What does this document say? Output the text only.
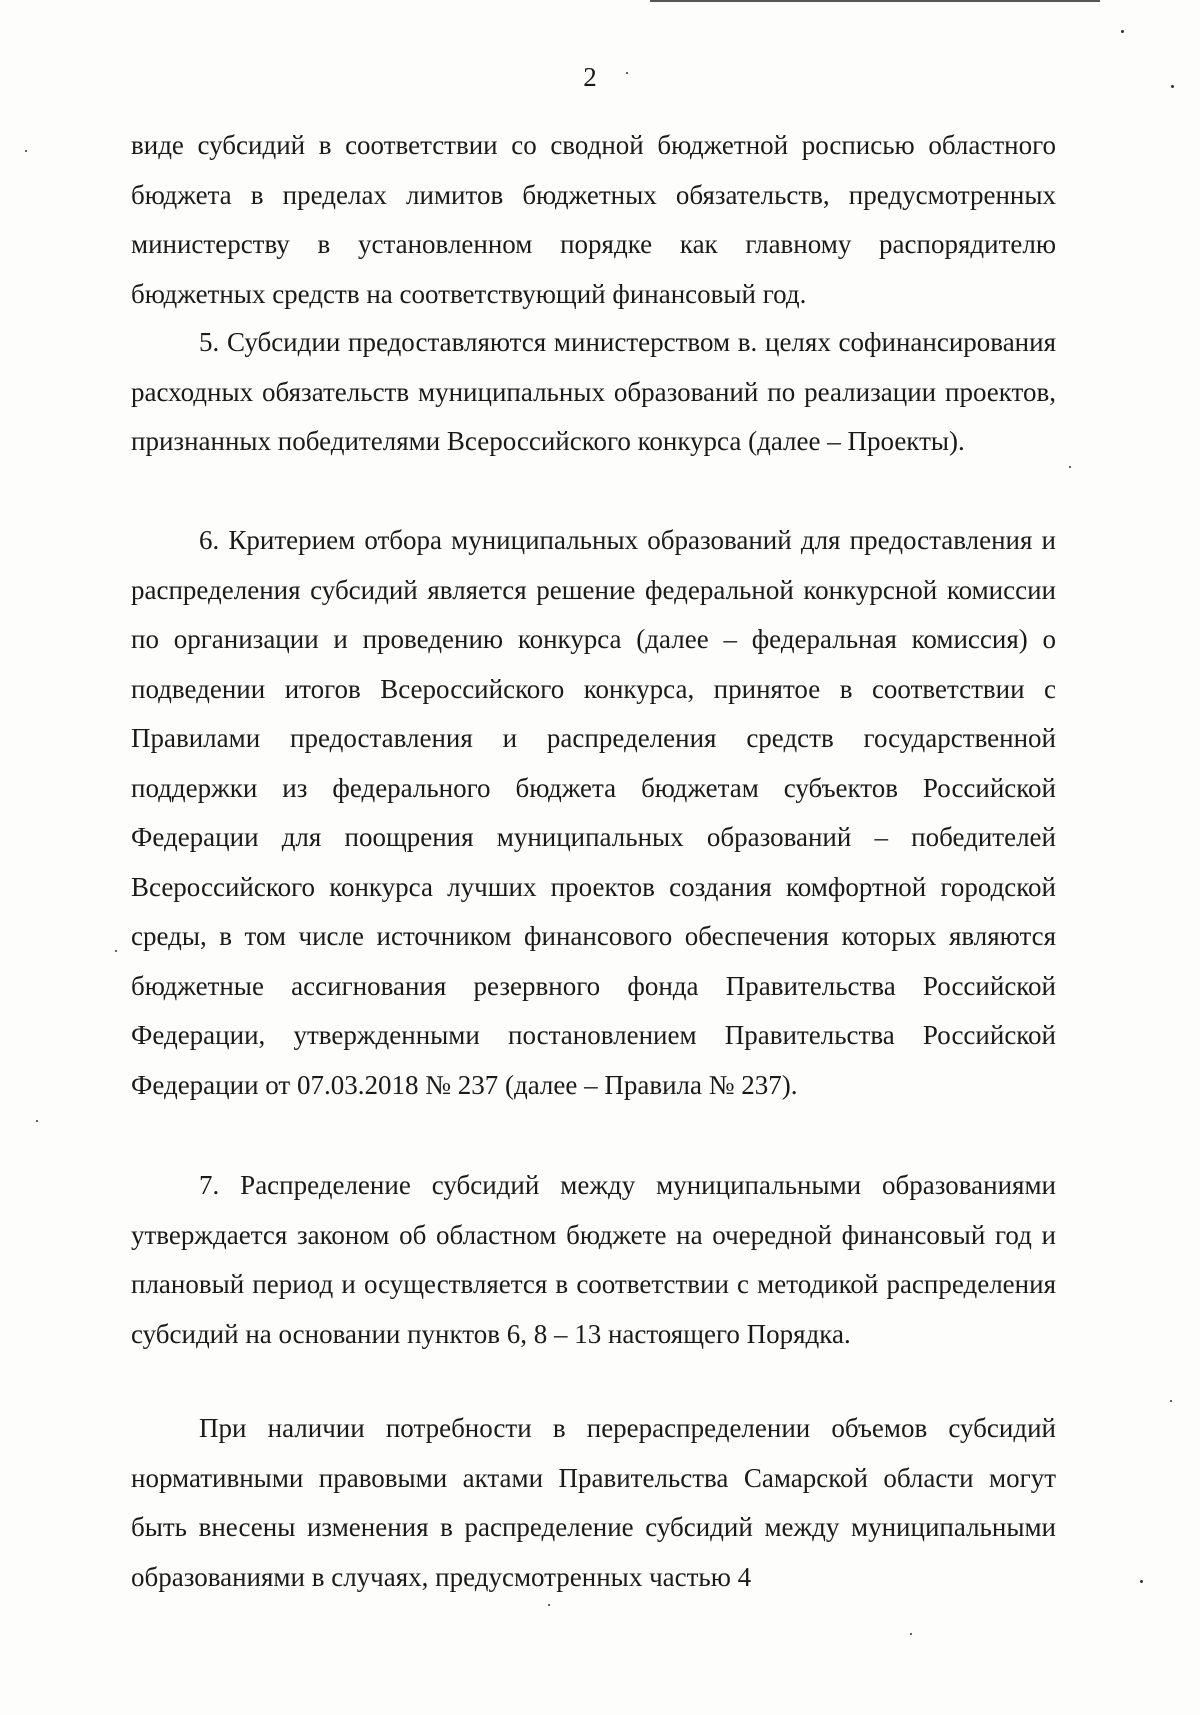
2

виде субсидий в соответствии со сводной бюджетной росписью областного бюджета в пределах лимитов бюджетных обязательств, предусмотренных министерству в установленном порядке как главному распорядителю бюджетных средств на соответствующий финансовый год.

5. Субсидии предоставляются министерством в. целях софинансирования расходных обязательств муниципальных образований по реализации проектов, признанных победителями Всероссийского конкурса (далее – Проекты).

6. Критерием отбора муниципальных образований для предоставления и распределения субсидий является решение федеральной конкурсной комиссии по организации и проведению конкурса (далее – федеральная комиссия) о подведении итогов Всероссийского конкурса, принятое в соответствии с Правилами предоставления и распределения средств государственной поддержки из федерального бюджета бюджетам субъектов Российской Федерации для поощрения муниципальных образований – победителей Всероссийского конкурса лучших проектов создания комфортной городской среды, в том числе источником финансового обеспечения которых являются бюджетные ассигнования резервного фонда Правительства Российской Федерации, утвержденными постановлением Правительства Российской Федерации от 07.03.2018 № 237 (далее – Правила № 237).

7. Распределение субсидий между муниципальными образованиями утверждается законом об областном бюджете на очередной финансовый год и плановый период и осуществляется в соответствии с методикой распределения субсидий на основании пунктов 6, 8 – 13 настоящего Порядка.

При наличии потребности в перераспределении объемов субсидий нормативными правовыми актами Правительства Самарской области могут быть внесены изменения в распределение субсидий между муниципальными образованиями в случаях, предусмотренных частью 4
